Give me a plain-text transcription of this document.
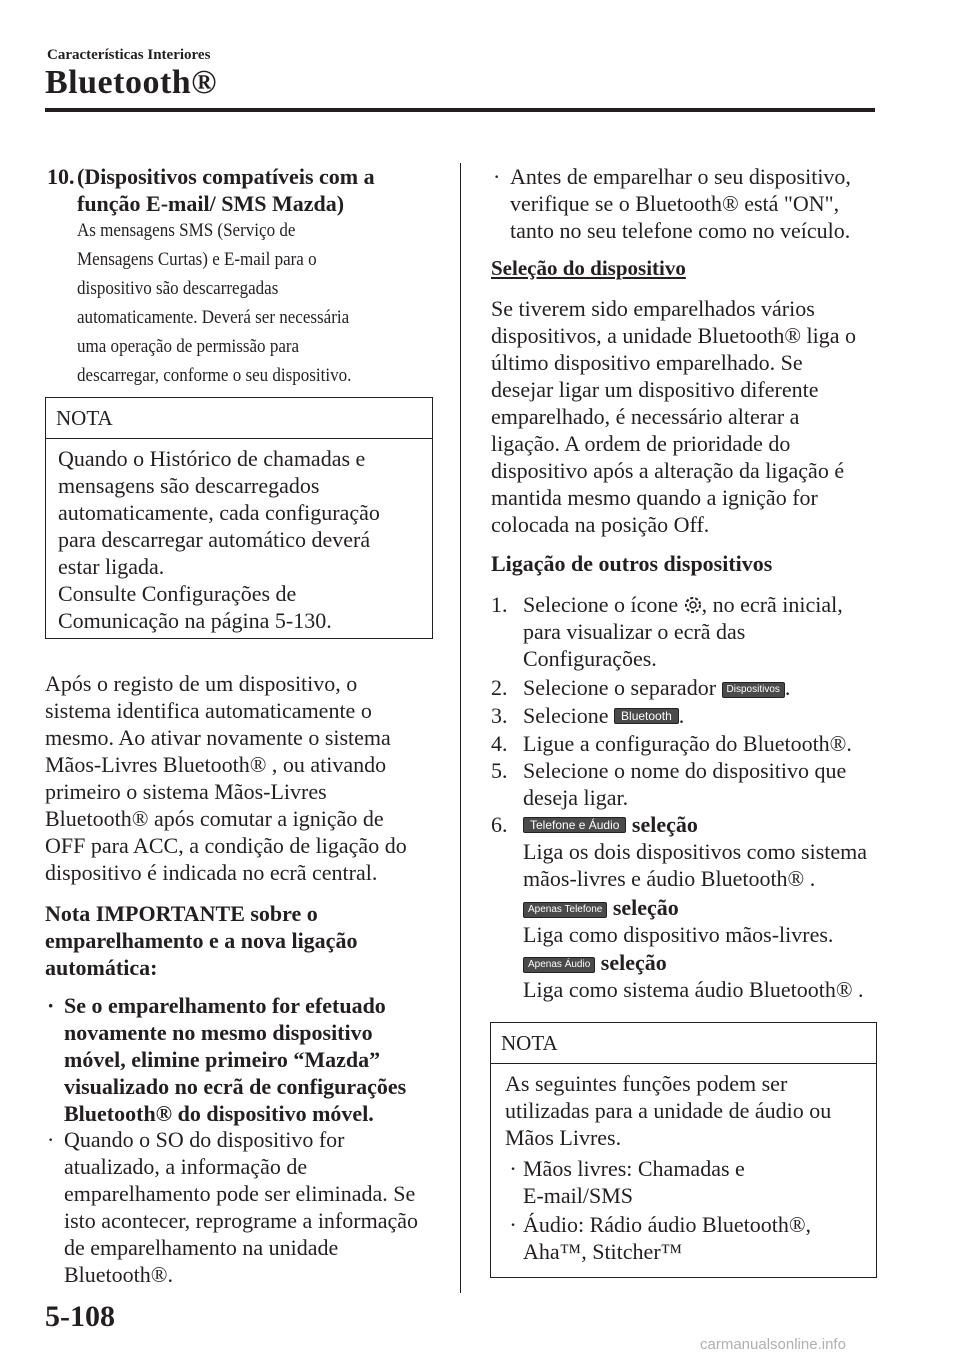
Características Interiores
Bluetooth®
10. (Dispositivos compatíveis com a
função E-mail/ SMS Mazda)

As mensagens SMS (Serviço de

Mensagens Curtas) e E-mail para o

dispositivo são descarregadas

automaticamente. Deverá ser necessária

uma operação de permissão para

descarregar, conforme o seu dispositivo.

NOTA

Quando o Histórico de chamadas e

mensagens são descarregados

automaticamente, cada configuração

para descarregar automático deverá

estar ligada.

Consulte Configurações de

Comunicação na página 5-130.

Após o registo de um dispositivo, o

sistema identifica automaticamente o

mesmo. Ao ativar novamente o sistema

Mãos-Livres Bluetooth® , ou ativando

primeiro o sistema Mãos-Livres

Bluetooth® após comutar a ignição de

OFF para ACC, a condição de ligação do

dispositivo é indicada no ecrã central.

Nota IMPORTANTE sobre o

emparelhamento e a nova ligação

automática:

· Se o emparelhamento for efetuado

novamente no mesmo dispositivo

móvel, elimine primeiro “Mazda”

visualizado no ecrã de configurações

Bluetooth® do dispositivo móvel.

· Quando o SO do dispositivo for

atualizado, a informação de

emparelhamento pode ser eliminada. Se

isto acontecer, reprograme a informação

de emparelhamento na unidade

Bluetooth®.

· Antes de emparelhar o seu dispositivo,

verifique se o Bluetooth® está "ON",

tanto no seu telefone como no veículo.

Seleção do dispositivo

Se tiverem sido emparelhados vários

dispositivos, a unidade Bluetooth® liga o

último dispositivo emparelhado. Se

desejar ligar um dispositivo diferente

emparelhado, é necessário alterar a

ligação. A ordem de prioridade do

dispositivo após a alteração da ligação é

mantida mesmo quando a ignição for

colocada na posição Off.

Ligação de outros dispositivos
1. Selecione o ícone , no ecrã inicial,
para visualizar o ecrã das
Configurações.
2. Selecione o separador Dispositivos .
3. Selecione Bluetooth .
4. Ligue a configuração do Bluetooth®.
5. Selecione o nome do dispositivo que
deseja ligar.
6.	Telefone e Áudio seleção

Liga os dois dispositivos como sistema

mãos-livres e áudio Bluetooth® .

Apenas Telefone seleção
Liga como dispositivo mãos-livres.
Apenas Áudio seleção
Liga como sistema áudio Bluetooth® .
NOTA

As seguintes funções podem ser

utilizadas para a unidade de áudio ou

Mãos Livres.

· Mãos livres: Chamadas e

E-mail/SMS

· Áudio: Rádio áudio Bluetooth®,

Aha™, Stitcher™

5-108
carmanualsonline.info
